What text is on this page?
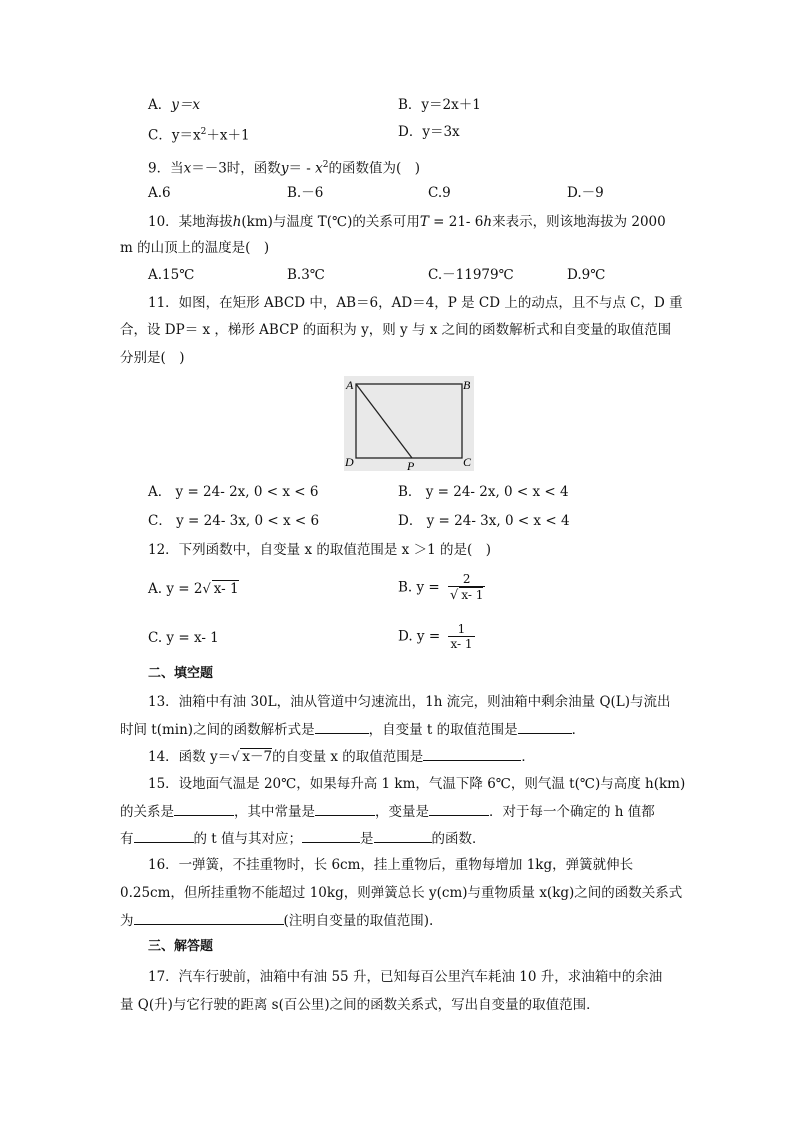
A．y＝x	B．y＝2x＋1
C．$y=x^2+x+1$	D．y＝3x
9．当x＝－3时，函数$y= - x^2$的函数值为(　)
A.6	B.－6	C.9	D.－9
10．某地海拔h(km)与温度 T(℃)的关系可用T = 21- 6h来表示，则该地海拔为 2000
m 的山顶上的温度是(　)
A.15℃	B.3℃	C.－11979℃	D.9℃
11．如图，在矩形 ABCD 中，AB＝6，AD＝4，P 是 CD 上的动点，且不与点 C，D 重
合，设 DP＝ x ，梯形 ABCP 的面积为 y，则 y 与 x 之间的函数解析式和自变量的取值范围
分别是(　)
A	B
C
D	P
A． y = 24- 2x, 0 < x < 6	B． y = 24- 2x, 0 < x < 4
C． y = 24- 3x, 0 < x < 6	D． y = 24- 3x, 0 < x < 4
12．下列函数中，自变量 x 的取值范围是 x ＞1 的是(　)
A. y = 2√ x- 1	B. $y = \frac{2}{√ x- 1}$
C. y = x- 1	D. $y = \frac{1}{x- 1}$
二、填空题
13．油箱中有油 30L，油从管道中匀速流出，1h 流完，则油箱中剩余油量 Q(L)与流出
时间 t(min)之间的函数解析式是	，自变量 t 的取值范围是	．
14．函数 y＝√ x－7的自变量 x 的取值范围是	．
15．设地面气温是 20℃，如果每升高 1 km，气温下降 6℃，则气温 t(℃)与高度 h(km)
的关系是	，其中常量是	，变量是	．对于每一个确定的 h 值都
有	的 t 值与其对应；	是	的函数．
16．一弹簧，不挂重物时，长 6cm，挂上重物后，重物每增加 1kg，弹簧就伸长
0.25cm，但所挂重物不能超过 10kg，则弹簧总长 y(cm)与重物质量 x(kg)之间的函数关系式
为	(注明自变量的取值范围).
三、解答题
17．汽车行驶前，油箱中有油 55 升，已知每百公里汽车耗油 10 升，求油箱中的余油
量 Q(升)与它行驶的距离 s(百公里)之间的函数关系式，写出自变量的取值范围．
